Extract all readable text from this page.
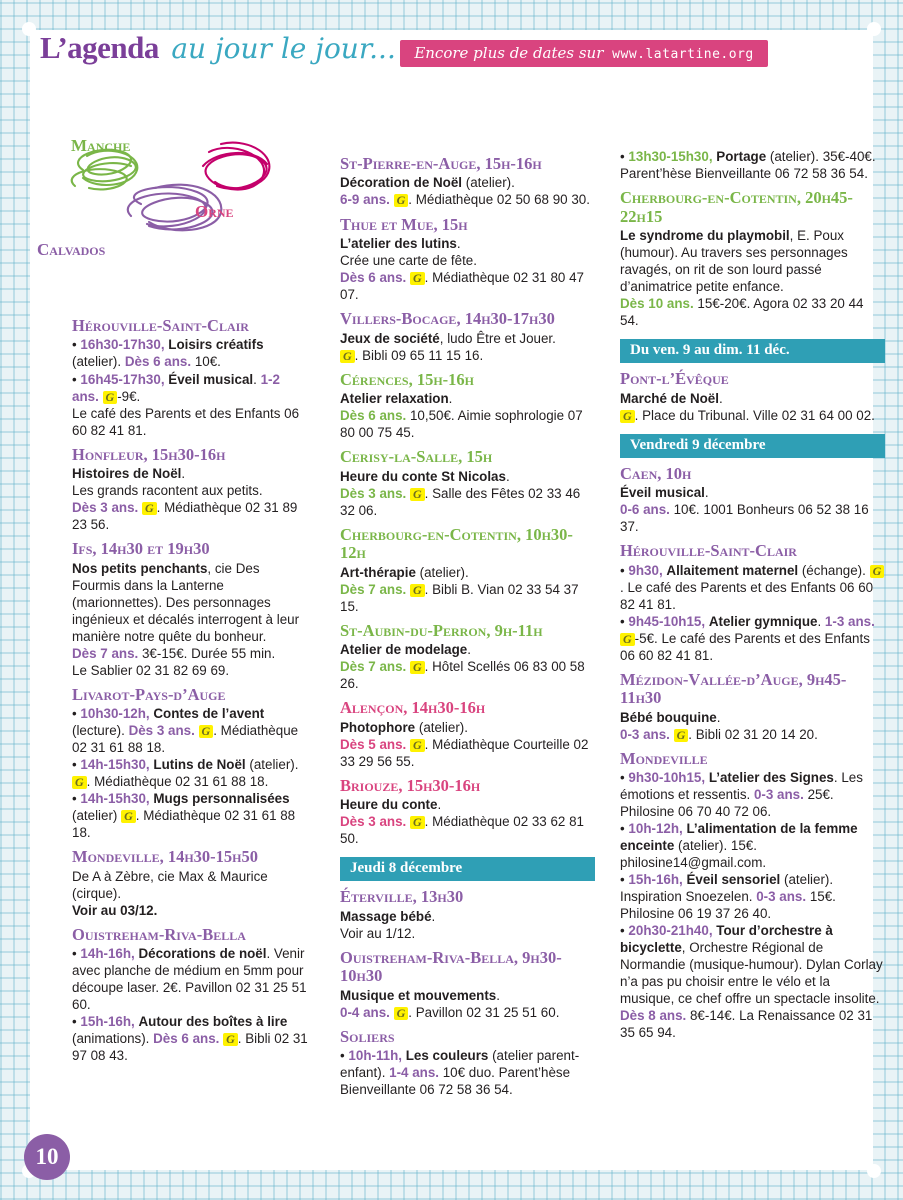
L’agenda au jour le jour... Encore plus de dates sur www.latartine.org
Manche
Orne
Calvados
Hérouville-Saint-Clair

• 16h30-17h30, Loisirs créatifs (atelier). Dès 6 ans. 10€.

• 16h45-17h30, Éveil musical. 1-2 ans. G -9€.

Le café des Parents et des Enfants 06 60 82 41 81.

Honfleur, 15h30-16h

Histoires de Noël.

Les grands racontent aux petits.

Dès 3 ans. G . Médiathèque 02 31 89 23 56.

Ifs, 14h30 et 19h30

Nos petits penchants, cie Des Fourmis dans la Lanterne (marionnettes). Des personnages ingénieux et décalés interrogent à leur manière notre quête du bonheur.

Dès 7 ans. 3€-15€. Durée 55 min.

Le Sablier 02 31 82 69 69.

Livarot-Pays-d’Auge

• 10h30-12h, Contes de l’avent (lecture). Dès 3 ans. G . Médiathèque 02 31 61 88 18.

• 14h-15h30, Lutins de Noël (atelier). G . Médiathèque 02 31 61 88 18.

• 14h-15h30, Mugs personnalisées (atelier) G . Médiathèque 02 31 61 88 18.

Mondeville, 14h30-15h50

De A à Zèbre, cie Max & Maurice (cirque).

Voir au 03/12.

Ouistreham-Riva-Bella

• 14h-16h, Décorations de noël. Venir avec planche de médium en 5mm pour découpe laser. 2€. Pavillon 02 31 25 51 60.

• 15h-16h, Autour des boîtes à lire (animations). Dès 6 ans. G . Bibli 02 31 97 08 43.

St-Pierre-en-Auge, 15h-16h

Décoration de Noël (atelier).

6-9 ans. G . Médiathèque 02 50 68 90 30.

Thue et Mue, 15h

L’atelier des lutins.

Crée une carte de fête.

Dès 6 ans. G . Médiathèque 02 31 80 47 07.

Villers-Bocage, 14h30-17h30

Jeux de société, ludo Être et Jouer.

G . Bibli 09 65 11 15 16.

Cérences, 15h-16h

Atelier relaxation.

Dès 6 ans. 10,50€. Aimie sophrologie 07 80 00 75 45.

Cerisy-la-Salle, 15h

Heure du conte St Nicolas.

Dès 3 ans. G . Salle des Fêtes 02 33 46 32 06.

Cherbourg-en-Cotentin, 10h30-12h

Art-thérapie (atelier).

Dès 7 ans. G . Bibli B. Vian 02 33 54 37 15.

St-Aubin-du-Perron, 9h-11h

Atelier de modelage.

Dès 7 ans. G . Hôtel Scellés 06 83 00 58 26.

Alençon, 14h30-16h

Photophore (atelier).

Dès 5 ans. G . Médiathèque Courteille 02 33 29 56 55.

Briouze, 15h30-16h

Heure du conte.

Dès 3 ans. G . Médiathèque 02 33 62 81 50.

Jeudi 8 décembre
Éterville, 13h30

Massage bébé.

Voir au 1/12.

Ouistreham-Riva-Bella, 9h30-10h30

Musique et mouvements.

0-4 ans. G . Pavillon 02 31 25 51 60.

Soliers

• 10h-11h, Les couleurs (atelier parent-enfant). 1-4 ans. 10€ duo. Parent’hèse Bienveillante 06 72 58 36 54.

• 13h30-15h30, Portage (atelier). 35€-40€. Parent’hèse Bienveillante 06 72 58 36 54.

Cherbourg-en-Cotentin, 20h45-22h15

Le syndrome du playmobil, E. Poux (humour). Au travers ses personnages ravagés, on rit de son lourd passé d’animatrice petite enfance.

Dès 10 ans. 15€-20€. Agora 02 33 20 44 54.

Du ven. 9 au dim. 11 déc.
Pont-l’Évêque

Marché de Noël.

G . Place du Tribunal. Ville 02 31 64 00 02.

Vendredi 9 décembre
Caen, 10h

Éveil musical.

0-6 ans. 10€. 1001 Bonheurs 06 52 38 16 37.

Hérouville-Saint-Clair

• 9h30, Allaitement maternel (échange). G. Le café des Parents et des Enfants 06 60 82 41 81.

• 9h45-10h15, Atelier gymnique. 1-3 ans. G -5€. Le café des Parents et des Enfants 06 60 82 41 81.

Mézidon-Vallée-d’Auge, 9h45-11h30

Bébé bouquine.

0-3 ans. G . Bibli 02 31 20 14 20.

Mondeville

• 9h30-10h15, L’atelier des Signes. Les émotions et ressentis. 0-3 ans. 25€. Philosine 06 70 40 72 06.

• 10h-12h, L’alimentation de la femme enceinte (atelier). 15€. philosine14@gmail.com.

• 15h-16h, Éveil sensoriel (atelier). Inspiration Snoezelen. 0-3 ans. 15€. Philosine 06 19 37 26 40.

• 20h30-21h40, Tour d’orchestre à bicyclette, Orchestre Régional de Normandie (musique-humour). Dylan Corlay n’a pas pu choisir entre le vélo et la musique, ce chef offre un spectacle insolite. Dès 8 ans. 8€-14€. La Renaissance 02 31 35 65 94.

10
